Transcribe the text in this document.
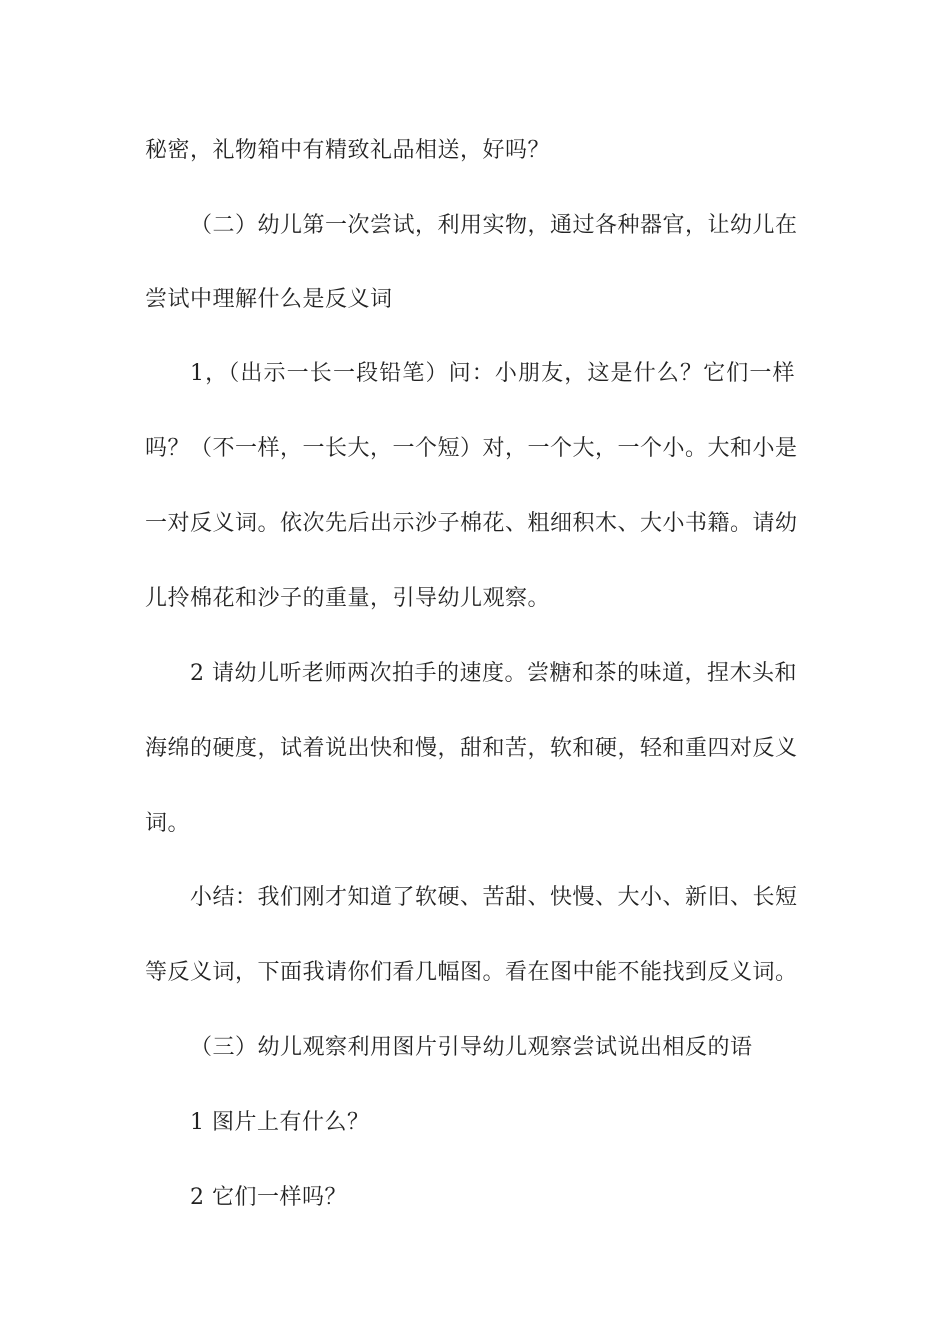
秘密，礼物箱中有精致礼品相送，好吗？
（二）幼儿第一次尝试，利用实物，通过各种器官，让幼儿在
尝试中理解什么是反义词
1，（出示一长一段铅笔）问：小朋友，这是什么？它们一样
吗？（不一样，一长大，一个短）对，一个大，一个小。大和小是
一对反义词。依次先后出示沙子棉花、粗细积木、大小书籍。请幼
儿拎棉花和沙子的重量，引导幼儿观察。
2 请幼儿听老师两次拍手的速度。尝糖和茶的味道，捏木头和
海绵的硬度，试着说出快和慢，甜和苦，软和硬，轻和重四对反义
词。
小结：我们刚才知道了软硬、苦甜、快慢、大小、新旧、长短
等反义词，下面我请你们看几幅图。看在图中能不能找到反义词。
（三）幼儿观察利用图片引导幼儿观察尝试说出相反的语
1 图片上有什么？
2 它们一样吗？
